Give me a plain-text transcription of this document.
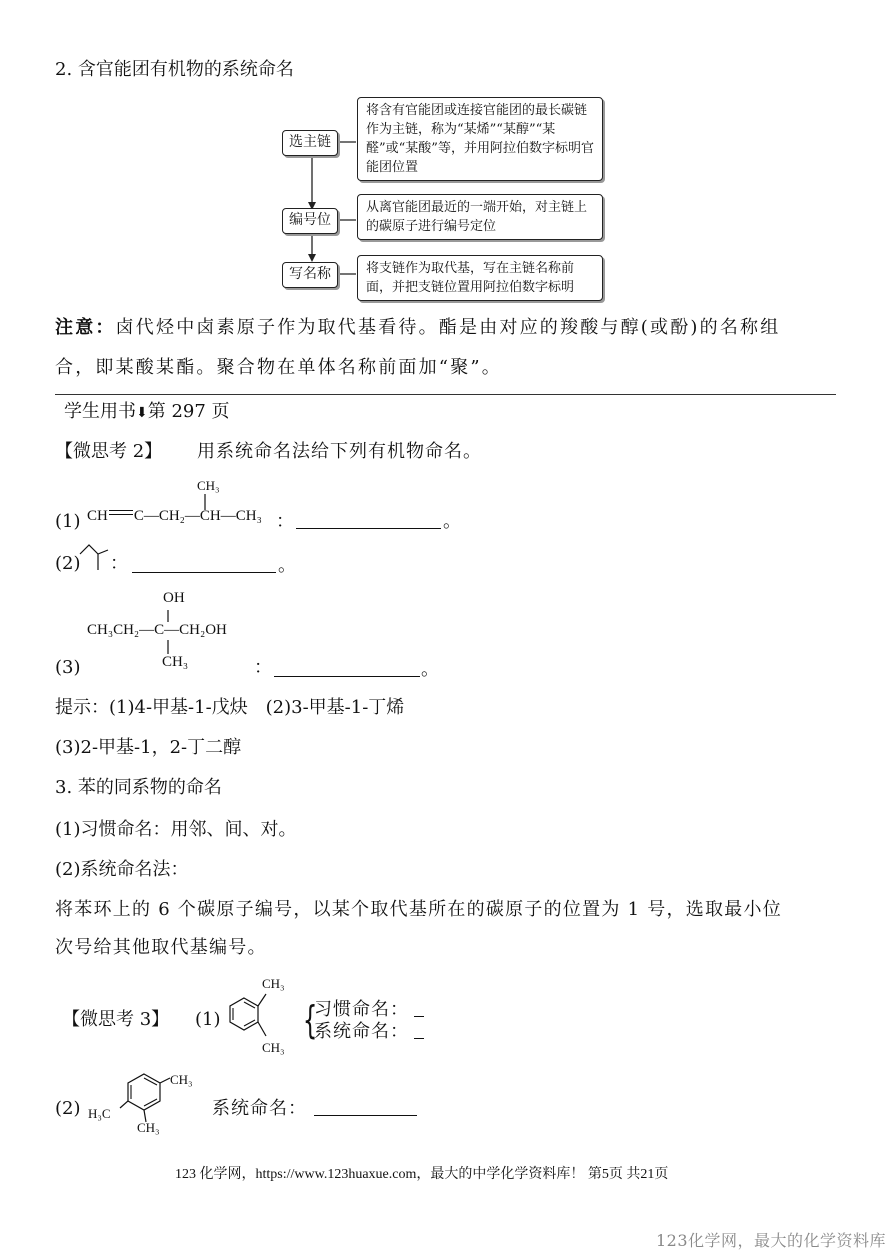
2. 含官能团有机物的系统命名
选主链
将含有官能团或连接官能团的最长碳链作为主链，称为“某烯”“某醇”“某醛”或“某酸”等，并用阿拉伯数字标明官能团位置
编号位
从离官能团最近的一端开始，对主链上的碳原子进行编号定位
写名称	将支链作为取代基，写在主链名称前面，并把支链位置用阿拉伯数字标明
注意：卤代烃中卤素原子作为取代基看待。酯是由对应的羧酸与醇(或酚)的名称组
合，即某酸某酯。聚合物在单体名称前面加“聚”。
学生用书⬇第 297 页
【微思考 2】 用系统命名法给下列有机物命名。
(1)
CH₃
CH C—CH₂—CH—CH₃ ：	。
(2) ：	。
OH
CH₃CH₂—C—CH₂OH
CH₃
(3)	：	。
提示：(1)4-甲基-1-戊炔　(2)3-甲基-1-丁烯
(3)2-甲基-1，2-丁二醇
3. 苯的同系物的命名
(1)习惯命名：用邻、间、对。
(2)系统命名法：
将苯环上的 6 个碳原子编号，以某个取代基所在的碳原子的位置为 1 号，选取最小位
次号给其他取代基编号。
【微思考 3】 (1)
CH₃
CH₃
{
习惯命名：
系统命名：
(2)
CH₃
H₃C
CH₃
系统命名：
123 化学网，https://www.123huaxue.com，最大的中学化学资料库！ 第5页 共21页
123化学网，最大的化学资料库
